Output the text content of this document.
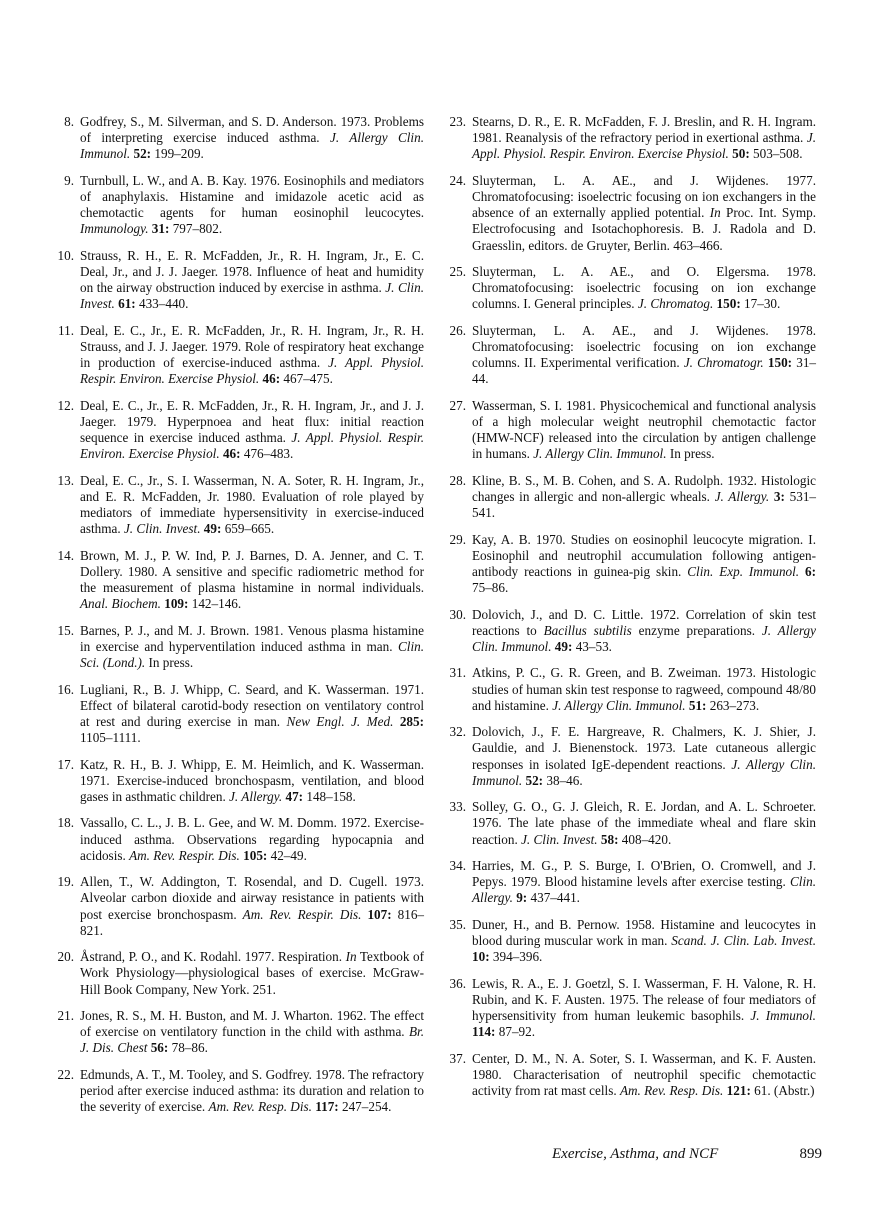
8. Godfrey, S., M. Silverman, and S. D. Anderson. 1973. Problems of interpreting exercise induced asthma. J. Allergy Clin. Immunol. 52: 199–209.
9. Turnbull, L. W., and A. B. Kay. 1976. Eosinophils and mediators of anaphylaxis. Histamine and imidazole acetic acid as chemotactic agents for human eosinophil leucocytes. Immunology. 31: 797–802.
10. Strauss, R. H., E. R. McFadden, Jr., R. H. Ingram, Jr., E. C. Deal, Jr., and J. J. Jaeger. 1978. Influence of heat and humidity on the airway obstruction induced by exercise in asthma. J. Clin. Invest. 61: 433–440.
11. Deal, E. C., Jr., E. R. McFadden, Jr., R. H. Ingram, Jr., R. H. Strauss, and J. J. Jaeger. 1979. Role of respiratory heat exchange in production of exercise-induced asthma. J. Appl. Physiol. Respir. Environ. Exercise Physiol. 46: 467–475.
12. Deal, E. C., Jr., E. R. McFadden, Jr., R. H. Ingram, Jr., and J. J. Jaeger. 1979. Hyperpnoea and heat flux: initial reaction sequence in exercise induced asthma. J. Appl. Physiol. Respir. Environ. Exercise Physiol. 46: 476–483.
13. Deal, E. C., Jr., S. I. Wasserman, N. A. Soter, R. H. Ingram, Jr., and E. R. McFadden, Jr. 1980. Evaluation of role played by mediators of immediate hypersensitivity in exercise-induced asthma. J. Clin. Invest. 49: 659–665.
14. Brown, M. J., P. W. Ind, P. J. Barnes, D. A. Jenner, and C. T. Dollery. 1980. A sensitive and specific radiometric method for the measurement of plasma histamine in normal individuals. Anal. Biochem. 109: 142–146.
15. Barnes, P. J., and M. J. Brown. 1981. Venous plasma histamine in exercise and hyperventilation induced asthma in man. Clin. Sci. (Lond.). In press.
16. Lugliani, R., B. J. Whipp, C. Seard, and K. Wasserman. 1971. Effect of bilateral carotid-body resection on ventilatory control at rest and during exercise in man. New Engl. J. Med. 285: 1105–1111.
17. Katz, R. H., B. J. Whipp, E. M. Heimlich, and K. Wasserman. 1971. Exercise-induced bronchospasm, ventilation, and blood gases in asthmatic children. J. Allergy. 47: 148–158.
18. Vassallo, C. L., J. B. L. Gee, and W. M. Domm. 1972. Exercise-induced asthma. Observations regarding hypocapnia and acidosis. Am. Rev. Respir. Dis. 105: 42–49.
19. Allen, T., W. Addington, T. Rosendal, and D. Cugell. 1973. Alveolar carbon dioxide and airway resistance in patients with post exercise bronchospasm. Am. Rev. Respir. Dis. 107: 816–821.
20. Åstrand, P. O., and K. Rodahl. 1977. Respiration. In Textbook of Work Physiology—physiological bases of exercise. McGraw-Hill Book Company, New York. 251.
21. Jones, R. S., M. H. Buston, and M. J. Wharton. 1962. The effect of exercise on ventilatory function in the child with asthma. Br. J. Dis. Chest 56: 78–86.
22. Edmunds, A. T., M. Tooley, and S. Godfrey. 1978. The refractory period after exercise induced asthma: its duration and relation to the severity of exercise. Am. Rev. Resp. Dis. 117: 247–254.
23. Stearns, D. R., E. R. McFadden, F. J. Breslin, and R. H. Ingram. 1981. Reanalysis of the refractory period in exertional asthma. J. Appl. Physiol. Respir. Environ. Exercise Physiol. 50: 503–508.
24. Sluyterman, L. A. AE., and J. Wijdenes. 1977. Chromatofocusing: isoelectric focusing on ion exchangers in the absence of an externally applied potential. In Proc. Int. Symp. Electrofocusing and Isotachophoresis. B. J. Radola and D. Graesslin, editors. de Gruyter, Berlin. 463–466.
25. Sluyterman, L. A. AE., and O. Elgersma. 1978. Chromatofocusing: isoelectric focusing on ion exchange columns. I. General principles. J. Chromatog. 150: 17–30.
26. Sluyterman, L. A. AE., and J. Wijdenes. 1978. Chromatofocusing: isoelectric focusing on ion exchange columns. II. Experimental verification. J. Chromatogr. 150: 31–44.
27. Wasserman, S. I. 1981. Physicochemical and functional analysis of a high molecular weight neutrophil chemotactic factor (HMW-NCF) released into the circulation by antigen challenge in humans. J. Allergy Clin. Immunol. In press.
28. Kline, B. S., M. B. Cohen, and S. A. Rudolph. 1932. Histologic changes in allergic and non-allergic wheals. J. Allergy. 3: 531–541.
29. Kay, A. B. 1970. Studies on eosinophil leucocyte migration. I. Eosinophil and neutrophil accumulation following antigen-antibody reactions in guinea-pig skin. Clin. Exp. Immunol. 6: 75–86.
30. Dolovich, J., and D. C. Little. 1972. Correlation of skin test reactions to Bacillus subtilis enzyme preparations. J. Allergy Clin. Immunol. 49: 43–53.
31. Atkins, P. C., G. R. Green, and B. Zweiman. 1973. Histologic studies of human skin test response to ragweed, compound 48/80 and histamine. J. Allergy Clin. Immunol. 51: 263–273.
32. Dolovich, J., F. E. Hargreave, R. Chalmers, K. J. Shier, J. Gauldie, and J. Bienenstock. 1973. Late cutaneous allergic responses in isolated IgE-dependent reactions. J. Allergy Clin. Immunol. 52: 38–46.
33. Solley, G. O., G. J. Gleich, R. E. Jordan, and A. L. Schroeter. 1976. The late phase of the immediate wheal and flare skin reaction. J. Clin. Invest. 58: 408–420.
34. Harries, M. G., P. S. Burge, I. O'Brien, O. Cromwell, and J. Pepys. 1979. Blood histamine levels after exercise testing. Clin. Allergy. 9: 437–441.
35. Duner, H., and B. Pernow. 1958. Histamine and leucocytes in blood during muscular work in man. Scand. J. Clin. Lab. Invest. 10: 394–396.
36. Lewis, R. A., E. J. Goetzl, S. I. Wasserman, F. H. Valone, R. H. Rubin, and K. F. Austen. 1975. The release of four mediators of hypersensitivity from human leukemic basophils. J. Immunol. 114: 87–92.
37. Center, D. M., N. A. Soter, S. I. Wasserman, and K. F. Austen. 1980. Characterisation of neutrophil specific chemotactic activity from rat mast cells. Am. Rev. Resp. Dis. 121: 61. (Abstr.)
Exercise, Asthma, and NCF	899
